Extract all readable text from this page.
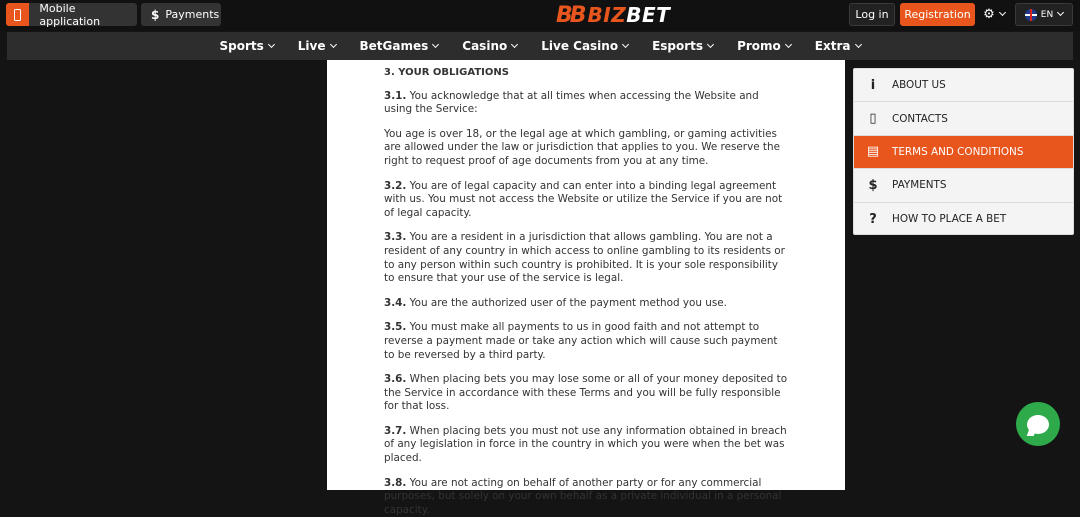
Mobile application	$ Payments	BB BIZ BET	Log in	Registration ⚙	EN
Sports	Live	BetGames	Casino	Live Casino	Esports	Promo	Extra
3. YOUR OBLIGATIONS

3.1. You acknowledge that at all times when accessing the Website and using the Service:

You age is over 18, or the legal age at which gambling, or gaming activities are allowed under the law or jurisdiction that applies to you. We reserve the right to request proof of age documents from you at any time.

3.2. You are of legal capacity and can enter into a binding legal agreement with us. You must not access the Website or utilize the Service if you are not of legal capacity.

3.3. You are a resident in a jurisdiction that allows gambling. You are not a resident of any country in which access to online gambling to its residents or to any person within such country is prohibited. It is your sole responsibility to ensure that your use of the service is legal.

3.4. You are the authorized user of the payment method you use.

3.5. You must make all payments to us in good faith and not attempt to reverse a payment made or take any action which will cause such payment to be reversed by a third party.

3.6. When placing bets you may lose some or all of your money deposited to the Service in accordance with these Terms and you will be fully responsible for that loss.

3.7. When placing bets you must not use any information obtained in breach of any legislation in force in the country in which you were when the bet was placed.

3.8. You are not acting on behalf of another party or for any commercial purposes, but solely on your own behalf as a private individual in a personal capacity.

i	ABOUT US
▯	CONTACTS
▤	TERMS AND CONDITIONS
$	PAYMENTS
?	HOW TO PLACE A BET
